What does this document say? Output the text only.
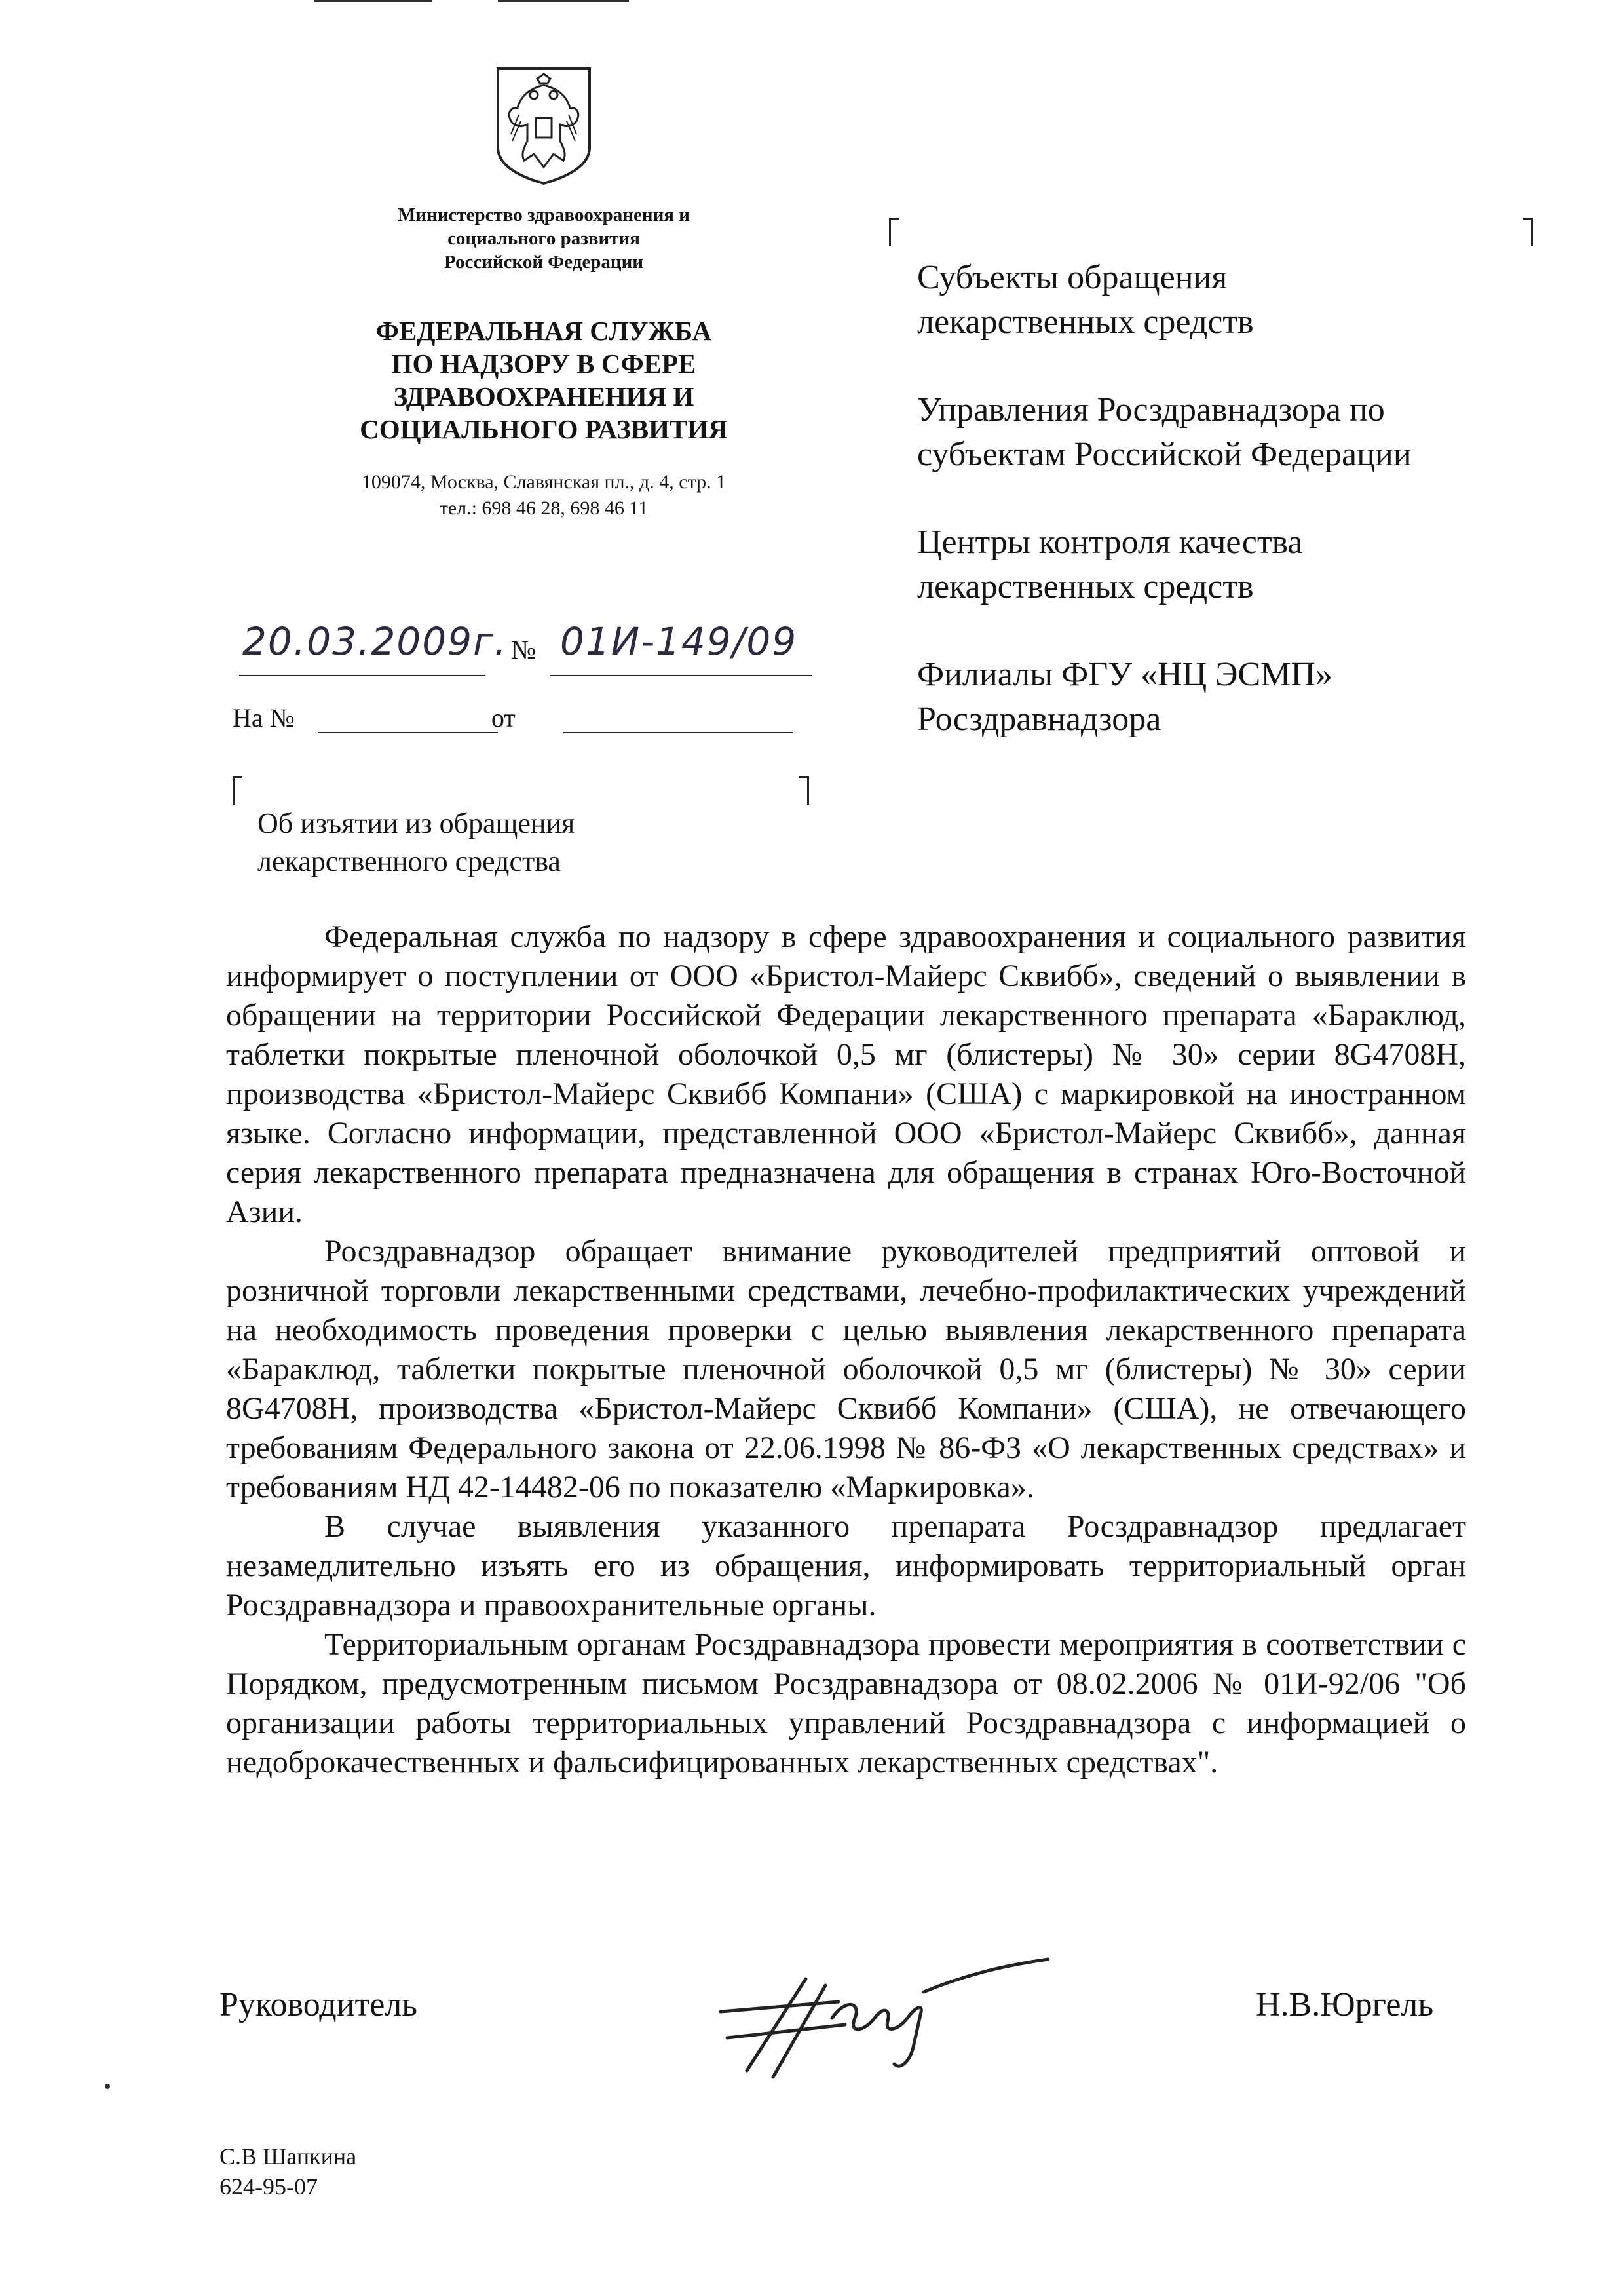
Министерство здравоохранения и
социального развития
Российской Федерации
ФЕДЕРАЛЬНАЯ СЛУЖБА
ПО НАДЗОРУ В СФЕРЕ
ЗДРАВООХРАНЕНИЯ И
СОЦИАЛЬНОГО РАЗВИТИЯ
109074, Москва, Славянская пл., д. 4, стр. 1
тел.: 698 46 28, 698 46 11
20.03.2009г. № 01И-149/09
На №	от
Об изъятии из обращения
лекарственного средства
Субъекты обращения
лекарственных средств
Управления Росздравнадзора по
субъектам Российской Федерации
Центры контроля качества
лекарственных средств
Филиалы ФГУ «НЦ ЭСМП»
Росздравнадзора

Федеральная служба по надзору в сфере здравоохранения и социального развития информирует о поступлении от ООО «Бристол-Майерс Сквибб», сведений о выявлении в обращении на территории Российской Федерации лекарственного препарата «Бараклюд, таблетки покрытые пленочной оболочкой 0,5 мг (блистеры) № 30» серии 8G4708H, производства «Бристол-Майерс Сквибб Компани» (США) с маркировкой на иностранном языке. Согласно информации, представленной ООО «Бристол-Майерс Сквибб», данная серия лекарственного препарата предназначена для обращения в странах Юго-Восточной Азии.

Росздравнадзор обращает внимание руководителей предприятий оптовой и розничной торговли лекарственными средствами, лечебно-профилактических учреждений на необходимость проведения проверки с целью выявления лекарственного препарата «Бараклюд, таблетки покрытые пленочной оболочкой 0,5 мг (блистеры) № 30» серии 8G4708H, производства «Бристол-Майерс Сквибб Компани» (США), не отвечающего требованиям Федерального закона от 22.06.1998 № 86-ФЗ «О лекарственных средствах» и требованиям НД 42-14482-06 по показателю «Маркировка».

В случае выявления указанного препарата Росздравнадзор предлагает незамедлительно изъять его из обращения, информировать территориальный орган Росздравнадзора и правоохранительные органы.

Территориальным органам Росздравнадзора провести мероприятия в соответствии с Порядком, предусмотренным письмом Росздравнадзора от 08.02.2006 № 01И-92/06 "Об организации работы территориальных управлений Росздравнадзора с информацией о недоброкачественных и фальсифицированных лекарственных средствах".

Руководитель	Н.В.Юргель
С.В Шапкина
624-95-07
